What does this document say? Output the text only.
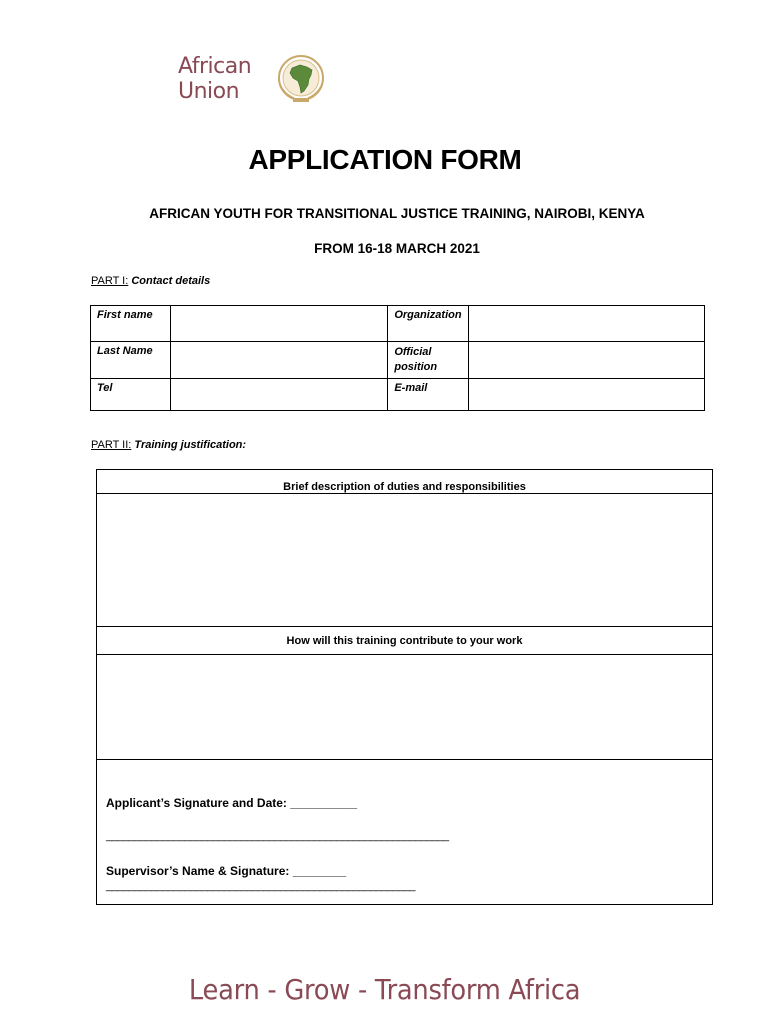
African
Union
APPLICATION FORM
AFRICAN YOUTH FOR TRANSITIONAL JUSTICE TRAINING, NAIROBI, KENYA
FROM 16-18 MARCH 2021
PART I: Contact details
First name		Organization	
Last Name		Official position	
Tel		E-mail	
PART II: Training justification:
Brief description of duties and responsibilities
How will this training contribute to your work
Applicant’s Signature and Date: __________
_____________________________________________________________
Supervisor’s Name & Signature: ________
_______________________________________________________
Learn - Grow - Transform Africa
